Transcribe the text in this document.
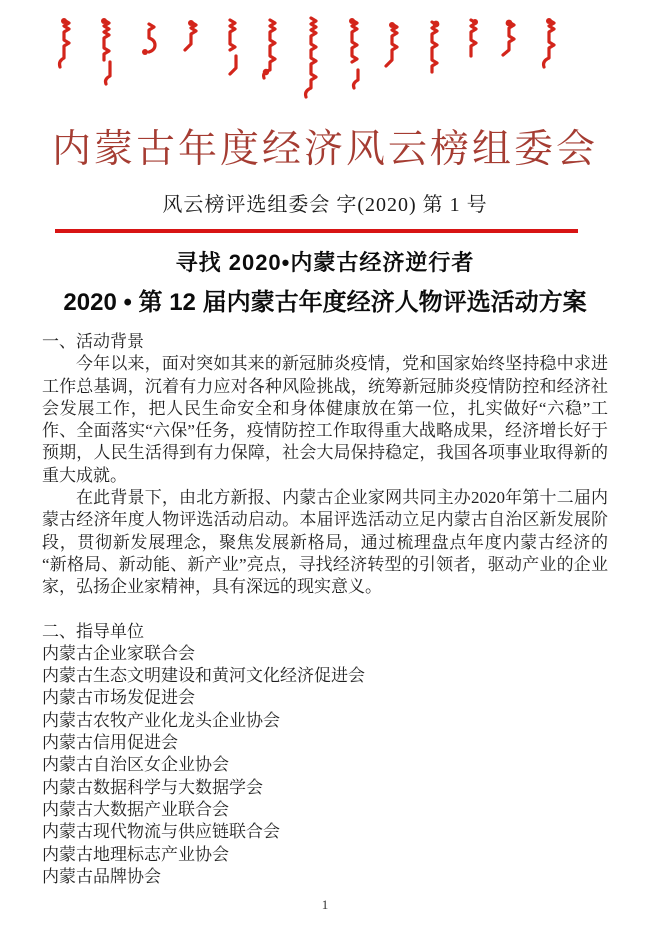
内蒙古年度经济风云榜组委会
风云榜评选组委会 字(2020) 第 1 号
寻找 2020•内蒙古经济逆行者
2020 • 第 12 届内蒙古年度经济人物评选活动方案
一、活动背景

今年以来，面对突如其来的新冠肺炎疫情，党和国家始终坚持稳中求进工作总基调，沉着有力应对各种风险挑战，统筹新冠肺炎疫情防控和经济社会发展工作，把人民生命安全和身体健康放在第一位，扎实做好“六稳”工作、全面落实“六保”任务，疫情防控工作取得重大战略成果，经济增长好于预期，人民生活得到有力保障，社会大局保持稳定，我国各项事业取得新的重大成就。

在此背景下，由北方新报、内蒙古企业家网共同主办2020年第十二届内蒙古经济年度人物评选活动启动。本届评选活动立足内蒙古自治区新发展阶段，贯彻新发展理念，聚焦发展新格局，通过梳理盘点年度内蒙古经济的“新格局、新动能、新产业”亮点，寻找经济转型的引领者，驱动产业的企业家，弘扬企业家精神，具有深远的现实意义。

二、指导单位
内蒙古企业家联合会
内蒙古生态文明建设和黄河文化经济促进会
内蒙古市场发促进会
内蒙古农牧产业化龙头企业协会
内蒙古信用促进会
内蒙古自治区女企业协会
内蒙古数据科学与大数据学会
内蒙古大数据产业联合会
内蒙古现代物流与供应链联合会
内蒙古地理标志产业协会
内蒙古品牌协会
1
